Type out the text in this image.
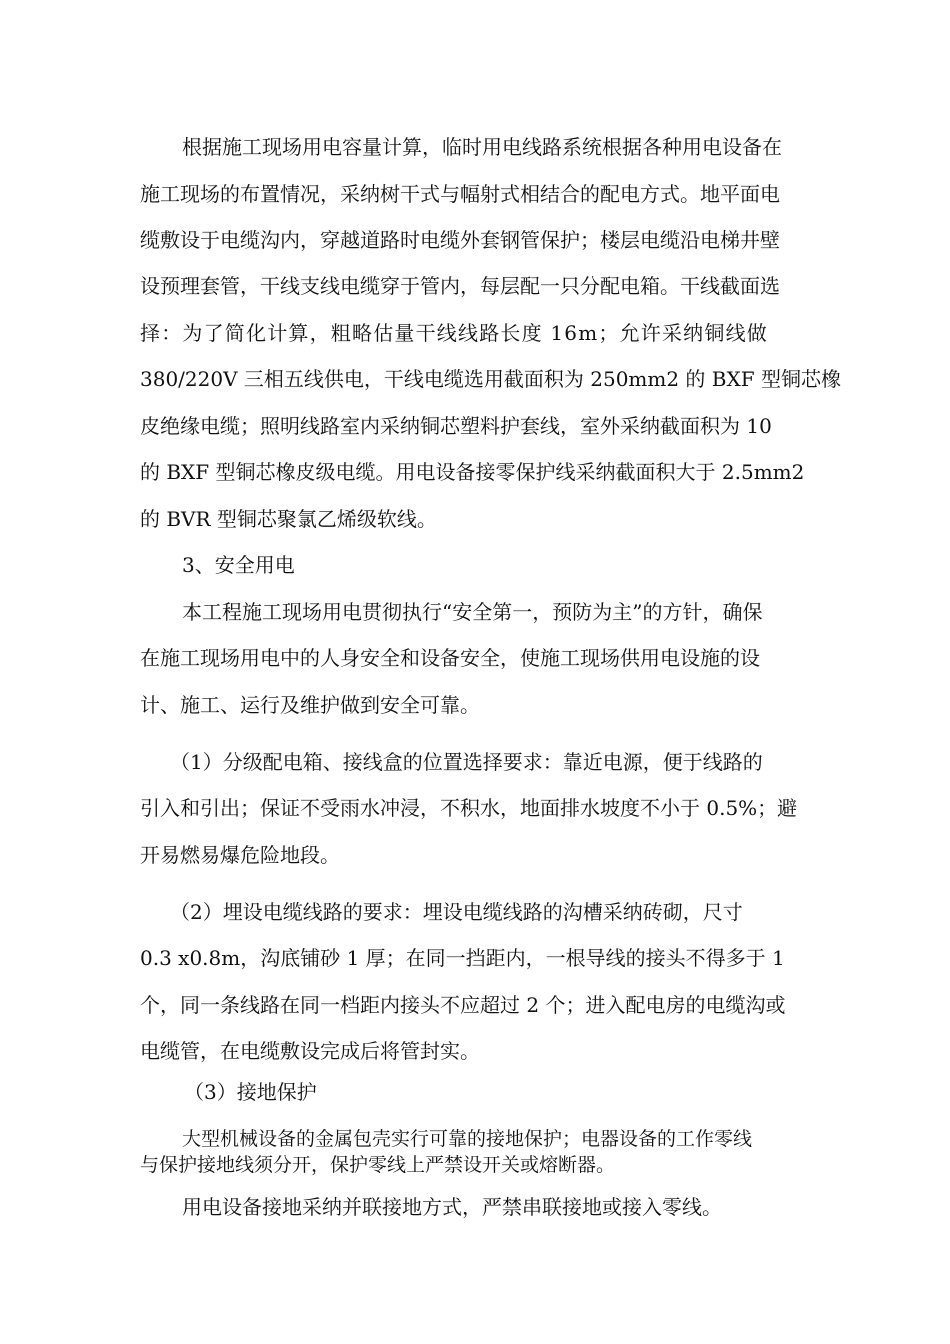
根据施工现场用电容量计算，临时用电线路系统根据各种用电设备在
施工现场的布置情况，采纳树干式与幅射式相结合的配电方式。地平面电
缆敷设于电缆沟内，穿越道路时电缆外套钢管保护；楼层电缆沿电梯井壁
设预理套管，干线支线电缆穿于管内，每层配一只分配电箱。干线截面选
择：为了简化计算，粗略估量干线线路长度 16m；允许采纳铜线做
380/220V 三相五线供电，干线电缆选用截面积为 250mm2 的 BXF 型铜芯橡
皮绝缘电缆；照明线路室内采纳铜芯塑料护套线，室外采纳截面积为 10
的 BXF 型铜芯橡皮级电缆。用电设备接零保护线采纳截面积大于 2.5mm2
的 BVR 型铜芯聚氯乙烯级软线。
3、安全用电
本工程施工现场用电贯彻执行“安全第一，预防为主”的方针，确保
在施工现场用电中的人身安全和设备安全，使施工现场供用电设施的设
计、施工、运行及维护做到安全可靠。
（1）分级配电箱、接线盒的位置选择要求：靠近电源，便于线路的
引入和引出；保证不受雨水冲浸，不积水，地面排水坡度不小于 0.5%；避
开易燃易爆危险地段。
（2）埋设电缆线路的要求：埋设电缆线路的沟槽采纳砖砌，尺寸
0.3 x0.8m，沟底铺砂 1 厚；在同一挡距内，一根导线的接头不得多于 1
个，同一条线路在同一档距内接头不应超过 2 个；进入配电房的电缆沟或
电缆管，在电缆敷设完成后将管封实。
（3）接地保护
大型机械设备的金属包壳实行可靠的接地保护；电器设备的工作零线
与保护接地线须分开，保护零线上严禁设开关或熔断器。
用电设备接地采纳并联接地方式，严禁串联接地或接入零线。
